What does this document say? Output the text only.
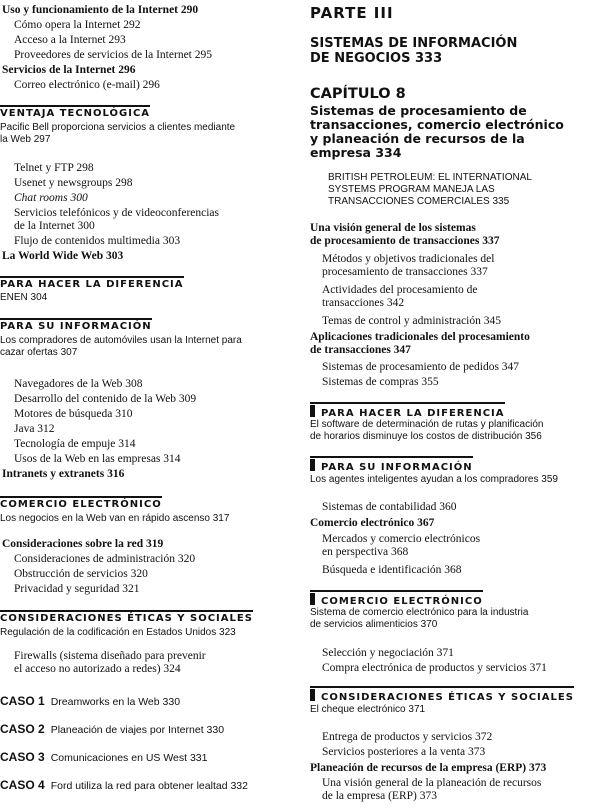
Uso y funcionamiento de la Internet 290
Cómo opera la Internet 292
Acceso a la Internet 293
Proveedores de servicios de la Internet 295
Servicios de la Internet 296
Correo electrónico (e-mail) 296
VENTAJA TECNOLÓGICA
Pacific Bell proporciona servicios a clientes mediante
la Web 297
Telnet y FTP 298
Usenet y newsgroups 298
Chat rooms 300
Servicios telefónicos y de videoconferencias
de la Internet 300
Flujo de contenidos multimedia 303
La World Wide Web 303
PARA HACER LA DIFERENCIA
ENEN 304
PARA SU INFORMACIÓN
Los compradores de automóviles usan la Internet para
cazar ofertas 307
Navegadores de la Web 308
Desarrollo del contenido de la Web 309
Motores de búsqueda 310
Java 312
Tecnología de empuje 314
Usos de la Web en las empresas 314
Intranets y extranets 316
COMERCIO ELECTRÓNICO
Los negocios en la Web van en rápido ascenso 317
Consideraciones sobre la red 319
Consideraciones de administración 320
Obstrucción de servicios 320
Privacidad y seguridad 321
CONSIDERACIONES ÉTICAS Y SOCIALES
Regulación de la codificación en Estados Unidos 323
Firewalls (sistema diseñado para prevenir
el acceso no autorizado a redes) 324
CASO 1 Dreamworks en la Web 330
CASO 2 Planeación de viajes por Internet 330
CASO 3 Comunicaciones en US West 331
CASO 4 Ford utiliza la red para obtener lealtad 332
PARTE III
SISTEMAS DE INFORMACIÓN
DE NEGOCIOS 333
CAPÍTULO 8
Sistemas de procesamiento de
transacciones, comercio electrónico
y planeación de recursos de la
empresa 334
BRITISH PETROLEUM: EL INTERNATIONAL
SYSTEMS PROGRAM MANEJA LAS
TRANSACCIONES COMERCIALES 335
Una visión general de los sistemas
de procesamiento de transacciones 337
Métodos y objetivos tradicionales del
procesamiento de transacciones 337
Actividades del procesamiento de
transacciones 342
Temas de control y administración 345
Aplicaciones tradicionales del procesamiento
de transacciones 347
Sistemas de procesamiento de pedidos 347
Sistemas de compras 355
PARA HACER LA DIFERENCIA
El software de determinación de rutas y planificación
de horarios disminuye los costos de distribución 356
PARA SU INFORMACIÓN
Los agentes inteligentes ayudan a los compradores 359
Sistemas de contabilidad 360
Comercio electrónico 367
Mercados y comercio electrónicos
en perspectiva 368
Búsqueda e identificación 368
COMERCIO ELECTRÓNICO
Sistema de comercio electrónico para la industria
de servicios alimenticios 370
Selección y negociación 371
Compra electrónica de productos y servicios 371
CONSIDERACIONES ÉTICAS Y SOCIALES
El cheque electrónico 371
Entrega de productos y servicios 372
Servicios posteriores a la venta 373
Planeación de recursos de la empresa (ERP) 373
Una visión general de la planeación de recursos
de la empresa (ERP) 373
